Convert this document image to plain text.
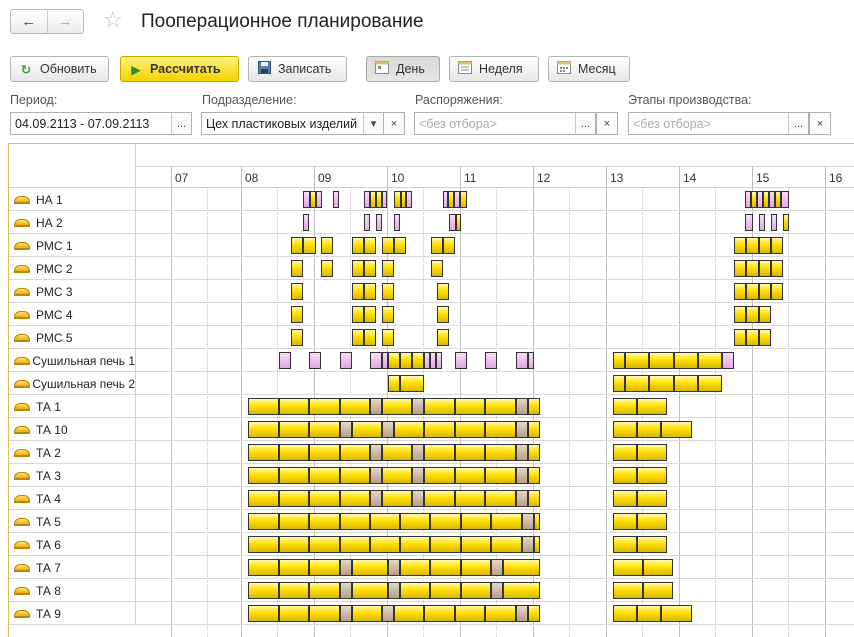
←	→	☆ Пооперационное планирование
↻ Обновить	▶ Рассчитать	Записать	День	Неделя	Месяц
Период:
04.09.2113 - 07.09.2113	...
Подразделение:
Цех пластиковых изделий	▾	×
Распоряжения:
<без отбора>	...	×
Этапы производства:
<без отбора>	...	×
07	08	09	10	11	12	13	14	15	16
НА 1
НА 2
РМС 1
РМС 2
РМС 3
РМС 4
РМС 5
Сушильная печь 1
Сушильная печь 2
ТА 1
ТА 10
ТА 2
ТА 3
ТА 4
ТА 5
ТА 6
ТА 7
ТА 8
ТА 9
